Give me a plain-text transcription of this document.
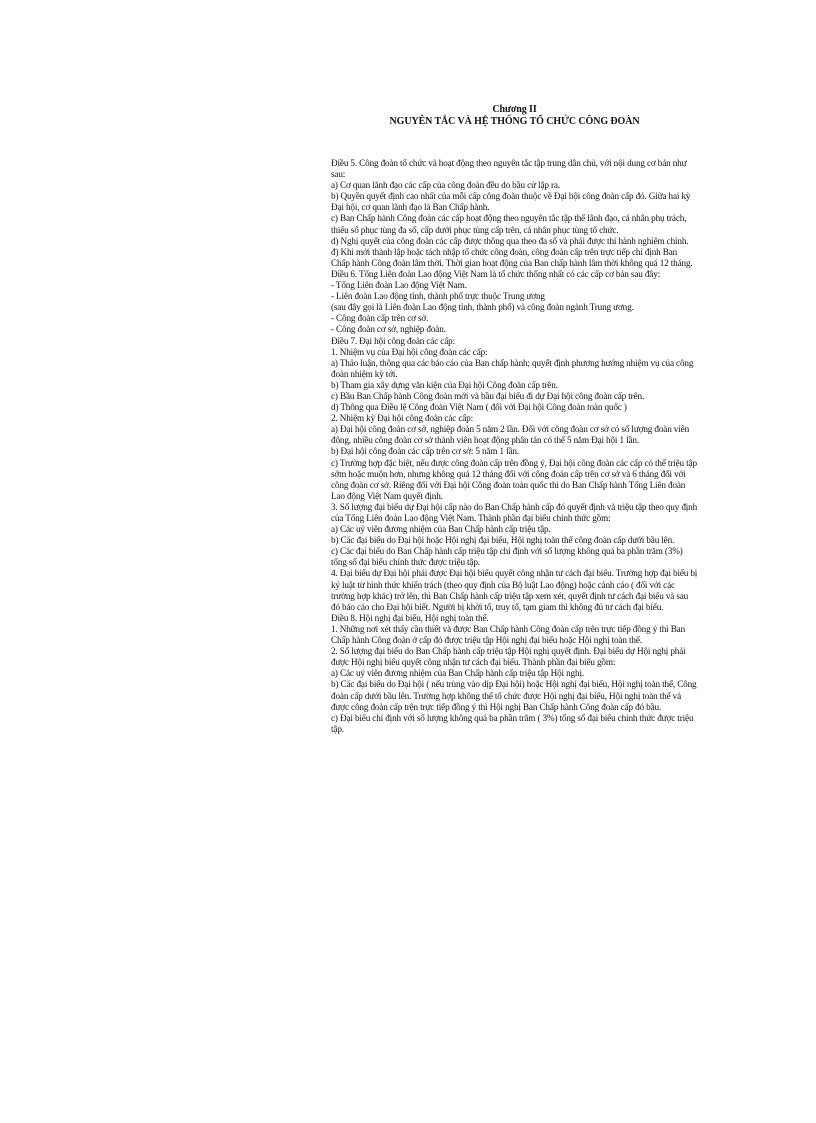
Chương II
NGUYÊN TẮC VÀ HỆ THỐNG TỔ CHỨC CÔNG ĐOÀN

Điều 5. Công đoàn tổ chức và hoạt động theo nguyên tắc tập trung dân chủ, với nội dung cơ bản như sau:

a) Cơ quan lãnh đạo các cấp của công đoàn đều do bầu cử lập ra.

b) Quyền quyết định cao nhất của mỗi cấp công đoàn thuộc về Đại hội công đoàn cấp đó. Giữa hai kỳ Đại hội, cơ quan lãnh đạo là Ban Chấp hành.

c) Ban Chấp hành Công đoàn các cấp hoạt động theo nguyên tắc tập thể lãnh đạo, cá nhân phụ trách, thiểu số phục tùng đa số, cấp dưới phục tùng cấp trên, cá nhân phục tùng tổ chức.

d) Nghị quyết của công đoàn các cấp được thông qua theo đa số và phải được thi hành nghiêm chỉnh.

đ) Khi mới thành lập hoặc tách nhập tổ chức công đoàn, công đoàn cấp trên trực tiếp chỉ định Ban Chấp hành Công đoàn lâm thời. Thời gian hoạt động của Ban chấp hành lâm thời không quá 12 tháng.

Điều 6. Tổng Liên đoàn Lao động Việt Nam là tổ chức thống nhất có các cấp cơ bản sau đây:

- Tổng Liên đoàn Lao động Việt Nam.

- Liên đoàn Lao động tỉnh, thành phố trực thuộc Trung ương

(sau đây gọi là Liên đoàn Lao động tỉnh, thành phố) và công đoàn ngành Trung ương.

- Công đoàn cấp trên cơ sở.

- Công đoàn cơ sở, nghiệp đoàn.

Điều 7. Đại hội công đoàn các cấp:

1. Nhiệm vụ của Đại hội công đoàn các cấp:

a) Thảo luận, thông qua các báo cáo của Ban chấp hành; quyết định phương hướng nhiệm vụ của công đoàn nhiệm kỳ tới.

b) Tham gia xây dựng văn kiện của Đại hội Công đoàn cấp trên.

c) Bầu Ban Chấp hành Công đoàn mới và bầu đại biểu đi dự Đại hội công đoàn cấp trên.

d) Thông qua Điều lệ Công đoàn Việt Nam ( đối với Đại hội Công đoàn toàn quốc )

2. Nhiệm kỳ Đại hội công đoàn các cấp:

a) Đại hội công đoàn cơ sở, nghiệp đoàn 5 năm 2 lần. Đối với công đoàn cơ sở có số lượng đoàn viên đông, nhiều công đoàn cơ sở thành viên hoạt động phân tán có thể 5 năm Đại hội 1 lần.

b) Đại hội công đoàn các cấp trên cơ sở: 5 năm 1 lần.

c) Trường hợp đặc biệt, nếu được công đoàn cấp trên đồng ý, Đại hội công đoàn các cấp có thể triệu tập sớm hoặc muộn hơn, nhưng không quá 12 tháng đối với công đoàn cấp trên cơ sở và 6 tháng đối với công đoàn cơ sở. Riêng đối với Đại hội Công đoàn toàn quốc thì do Ban Chấp hành Tổng Liên đoàn Lao động Việt Nam quyết định.

3. Số lượng đại biểu dự Đại hội cấp nào do Ban Chấp hành cấp đó quyết định và triệu tập theo quy định của Tổng Liên đoàn Lao động Việt Nam. Thành phần đại biểu chính thức gồm:

a) Các uỷ viên đương nhiệm của Ban Chấp hành cấp triệu tập.

b) Các đại biểu do Đại hội hoặc Hội nghị đại biểu, Hội nghị toàn thể công đoàn cấp dưới bầu lên.

c) Các đại biểu do Ban Chấp hành cấp triệu tập chỉ định với số lượng không quá ba phần trăm (3%) tổng số đại biểu chính thức được triệu tập.

4. Đại biểu dự Đại hội phải được Đại hội biểu quyết công nhận tư cách đại biểu. Trường hợp đại biểu bị kỷ luật từ hình thức khiển trách (theo quy định của Bộ luật Lao động) hoặc cảnh cáo ( đối với các trường hợp khác) trở lên, thì Ban Chấp hành cấp triệu tập xem xét, quyết định tư cách đại biểu và sau đó báo cáo cho Đại hội biết. Người bị khởi tố, truy tố, tạm giam thì không đủ tư cách đại biểu.

Điều 8. Hội nghị đại biểu, Hội nghị toàn thể.

1. Những nơi xét thấy cần thiết và được Ban Chấp hành Công đoàn cấp trên trực tiếp đồng ý thì Ban Chấp hành Công đoàn ở cấp đó được triệu tập Hội nghị đại biểu hoặc Hội nghị toàn thể.

2. Số lượng đại biểu do Ban Chấp hành cấp triệu tập Hội nghị quyết định. Đại biểu dự Hội nghị phải được Hội nghị biểu quyết công nhận tư cách đại biểu. Thành phần đại biểu gồm:

a) Các uỷ viên đương nhiệm của Ban Chấp hành cấp triệu tập Hội nghị.

b) Các đại biểu do Đại hội ( nếu trùng vào dịp Đại hội) hoặc Hội nghị đại biểu, Hội nghị toàn thể, Công đoàn cấp dưới bầu lên. Trường hợp không thể tổ chức được Hội nghị đại biểu, Hội nghị toàn thể và được công đoàn cấp trên trực tiếp đồng ý thì Hội nghị Ban Chấp hành Công đoàn cấp đó bầu.

c) Đại biểu chỉ định với số lượng không quá ba phần trăm ( 3%) tổng số đại biểu chính thức được triệu tập.
